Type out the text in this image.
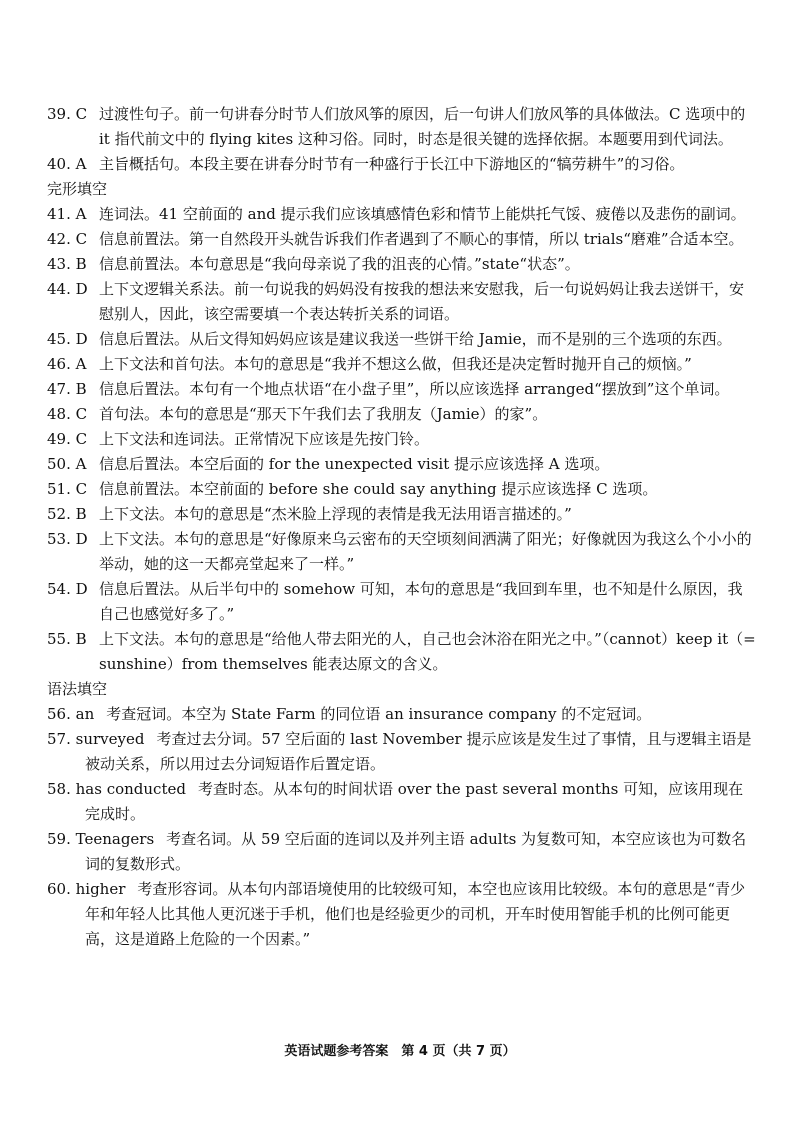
39. C 过渡性句子。前一句讲春分时节人们放风筝的原因，后一句讲人们放风筝的具体做法。C 选项中的 it 指代前文中的 flying kites 这种习俗。同时，时态是很关键的选择依据。本题要用到代词法。
40. A 主旨概括句。本段主要在讲春分时节有一种盛行于长江中下游地区的“犒劳耕牛”的习俗。
完形填空
41. A 连词法。41 空前面的 and 提示我们应该填感情色彩和情节上能烘托气馁、疲倦以及悲伤的副词。
42. C 信息前置法。第一自然段开头就告诉我们作者遇到了不顺心的事情，所以 trials“磨难”合适本空。
43. B 信息前置法。本句意思是“我向母亲说了我的沮丧的心情。”state“状态”。
44. D 上下文逻辑关系法。前一句说我的妈妈没有按我的想法来安慰我，后一句说妈妈让我去送饼干，安慰别人，因此，该空需要填一个表达转折关系的词语。
45. D 信息后置法。从后文得知妈妈应该是建议我送一些饼干给 Jamie，而不是别的三个选项的东西。
46. A 上下文法和首句法。本句的意思是“我并不想这么做，但我还是决定暂时抛开自己的烦恼。”
47. B 信息后置法。本句有一个地点状语“在小盘子里”，所以应该选择 arranged“摆放到”这个单词。
48. C 首句法。本句的意思是“那天下午我们去了我朋友（Jamie）的家”。
49. C 上下文法和连词法。正常情况下应该是先按门铃。
50. A 信息后置法。本空后面的 for the unexpected visit 提示应该选择 A 选项。
51. C 信息前置法。本空前面的 before she could say anything 提示应该选择 C 选项。
52. B 上下文法。本句的意思是“杰米脸上浮现的表情是我无法用语言描述的。”
53. D 上下文法。本句的意思是“好像原来乌云密布的天空顷刻间洒满了阳光；好像就因为我这么个小小的举动，她的这一天都亮堂起来了一样。”
54. D 信息后置法。从后半句中的 somehow 可知，本句的意思是“我回到车里，也不知是什么原因，我自己也感觉好多了。”
55. B 上下文法。本句的意思是“给他人带去阳光的人，自己也会沐浴在阳光之中。”（cannot）keep it（= sunshine）from themselves 能表达原文的含义。
语法填空
56. an 考查冠词。本空为 State Farm 的同位语 an insurance company 的不定冠词。
57. surveyed 考查过去分词。57 空后面的 last November 提示应该是发生过了事情，且与逻辑主语是被动关系，所以用过去分词短语作后置定语。
58. has conducted 考查时态。从本句的时间状语 over the past several months 可知，应该用现在完成时。
59. Teenagers 考查名词。从 59 空后面的连词以及并列主语 adults 为复数可知，本空应该也为可数名词的复数形式。
60. higher 考查形容词。从本句内部语境使用的比较级可知，本空也应该用比较级。本句的意思是“青少年和年轻人比其他人更沉迷于手机，他们也是经验更少的司机，开车时使用智能手机的比例可能更高，这是道路上危险的一个因素。”
英语试题参考答案　第 4 页（共 7 页）
